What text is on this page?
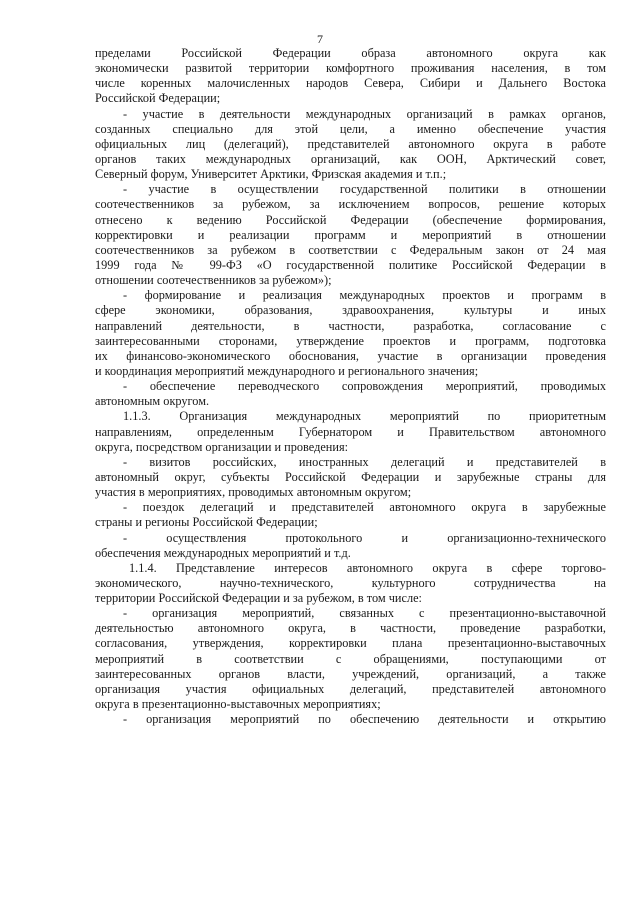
7
пределами Российской Федерации образа автономного округа как
экономически развитой территории комфортного проживания населения, в том
числе коренных малочисленных народов Севера, Сибири и Дальнего Востока
Российской Федерации;
- участие в деятельности международных организаций в рамках органов,
созданных специально для этой цели, а именно обеспечение участия
официальных лиц (делегаций), представителей автономного округа в работе
органов таких международных организаций, как ООН, Арктический совет,
Северный форум, Университет Арктики, Фризская академия и т.п.;
- участие в осуществлении государственной политики в отношении
соотечественников за рубежом, за исключением вопросов, решение которых
отнесено к ведению Российской Федерации (обеспечение формирования,
корректировки и реализации программ и мероприятий в отношении
соотечественников за рубежом в соответствии с Федеральным закон от 24 мая
1999 года № 99-ФЗ «О государственной политике Российской Федерации в
отношении соотечественников за рубежом»);
- формирование и реализация международных проектов и программ в
сфере экономики, образования, здравоохранения, культуры и иных
направлений деятельности, в частности, разработка, согласование с
заинтересованными сторонами, утверждение проектов и программ, подготовка
их финансово-экономического обоснования, участие в организации проведения
и координация мероприятий международного и регионального значения;
- обеспечение переводческого сопровождения мероприятий, проводимых
автономным округом.
1.1.3. Организация международных мероприятий по приоритетным
направлениям, определенным Губернатором и Правительством автономного
округа, посредством организации и проведения:
- визитов российских, иностранных делегаций и представителей в
автономный округ, субъекты Российской Федерации и зарубежные страны для
участия в мероприятиях, проводимых автономным округом;
- поездок делегаций и представителей автономного округа в зарубежные
страны и регионы Российской Федерации;
- осуществления протокольного и организационно-технического
обеспечения международных мероприятий и т.д.
1.1.4. Представление интересов автономного округа в сфере торгово-
экономического, научно-технического, культурного сотрудничества на
территории Российской Федерации и за рубежом, в том числе:
- организация мероприятий, связанных с презентационно-выставочной
деятельностью автономного округа, в частности, проведение разработки,
согласования, утверждения, корректировки плана презентационно-выставочных
мероприятий в соответствии с обращениями, поступающими от
заинтересованных органов власти, учреждений, организаций, а также
организация участия официальных делегаций, представителей автономного
округа в презентационно-выставочных мероприятиях;
- организация мероприятий по обеспечению деятельности и открытию
